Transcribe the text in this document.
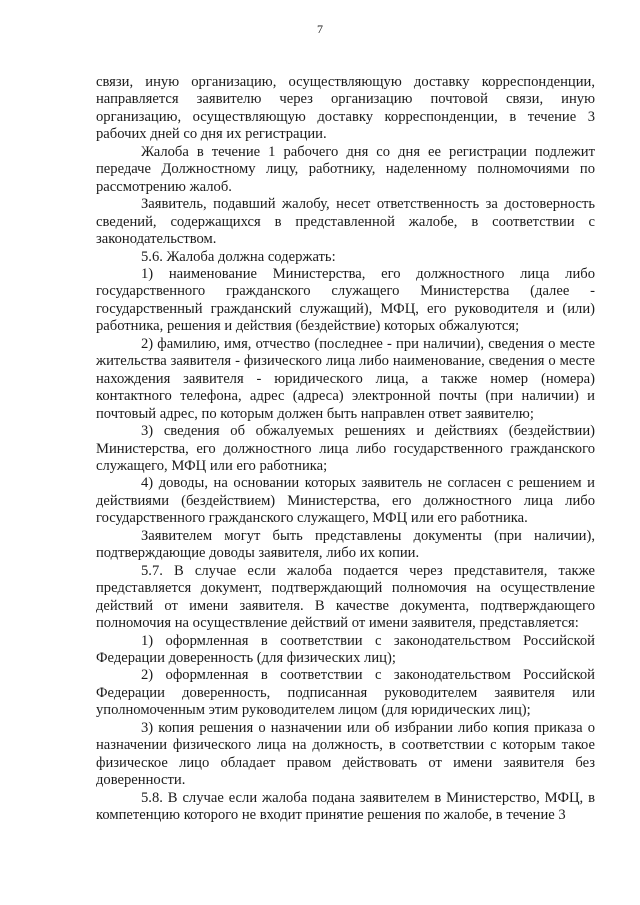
7

связи, иную организацию, осуществляющую доставку корреспонденции, направляется заявителю через организацию почтовой связи, иную организацию, осуществляющую доставку корреспонденции, в течение 3 рабочих дней со дня их регистрации.

Жалоба в течение 1 рабочего дня со дня ее регистрации подлежит передаче Должностному лицу, работнику, наделенному полномочиями по рассмотрению жалоб.

Заявитель, подавший жалобу, несет ответственность за достоверность сведений, содержащихся в представленной жалобе, в соответствии с законодательством.

5.6. Жалоба должна содержать:

1) наименование Министерства, его должностного лица либо государственного гражданского служащего Министерства (далее - государственный гражданский служащий), МФЦ, его руководителя и (или) работника, решения и действия (бездействие) которых обжалуются;

2) фамилию, имя, отчество (последнее - при наличии), сведения о месте жительства заявителя - физического лица либо наименование, сведения о месте нахождения заявителя - юридического лица, а также номер (номера) контактного телефона, адрес (адреса) электронной почты (при наличии) и почтовый адрес, по которым должен быть направлен ответ заявителю;

3) сведения об обжалуемых решениях и действиях (бездействии) Министерства, его должностного лица либо государственного гражданского служащего, МФЦ или его работника;

4) доводы, на основании которых заявитель не согласен с решением и действиями (бездействием) Министерства, его должностного лица либо государственного гражданского служащего, МФЦ или его работника.

Заявителем могут быть представлены документы (при наличии), подтверждающие доводы заявителя, либо их копии.

5.7. В случае если жалоба подается через представителя, также представляется документ, подтверждающий полномочия на осуществление действий от имени заявителя. В качестве документа, подтверждающего полномочия на осуществление действий от имени заявителя, представляется:

1) оформленная в соответствии с законодательством Российской Федерации доверенность (для физических лиц);

2) оформленная в соответствии с законодательством Российской Федерации доверенность, подписанная руководителем заявителя или уполномоченным этим руководителем лицом (для юридических лиц);

3) копия решения о назначении или об избрании либо копия приказа о назначении физического лица на должность, в соответствии с которым такое физическое лицо обладает правом действовать от имени заявителя без доверенности.

5.8. В случае если жалоба подана заявителем в Министерство, МФЦ, в компетенцию которого не входит принятие решения по жалобе, в течение 3
